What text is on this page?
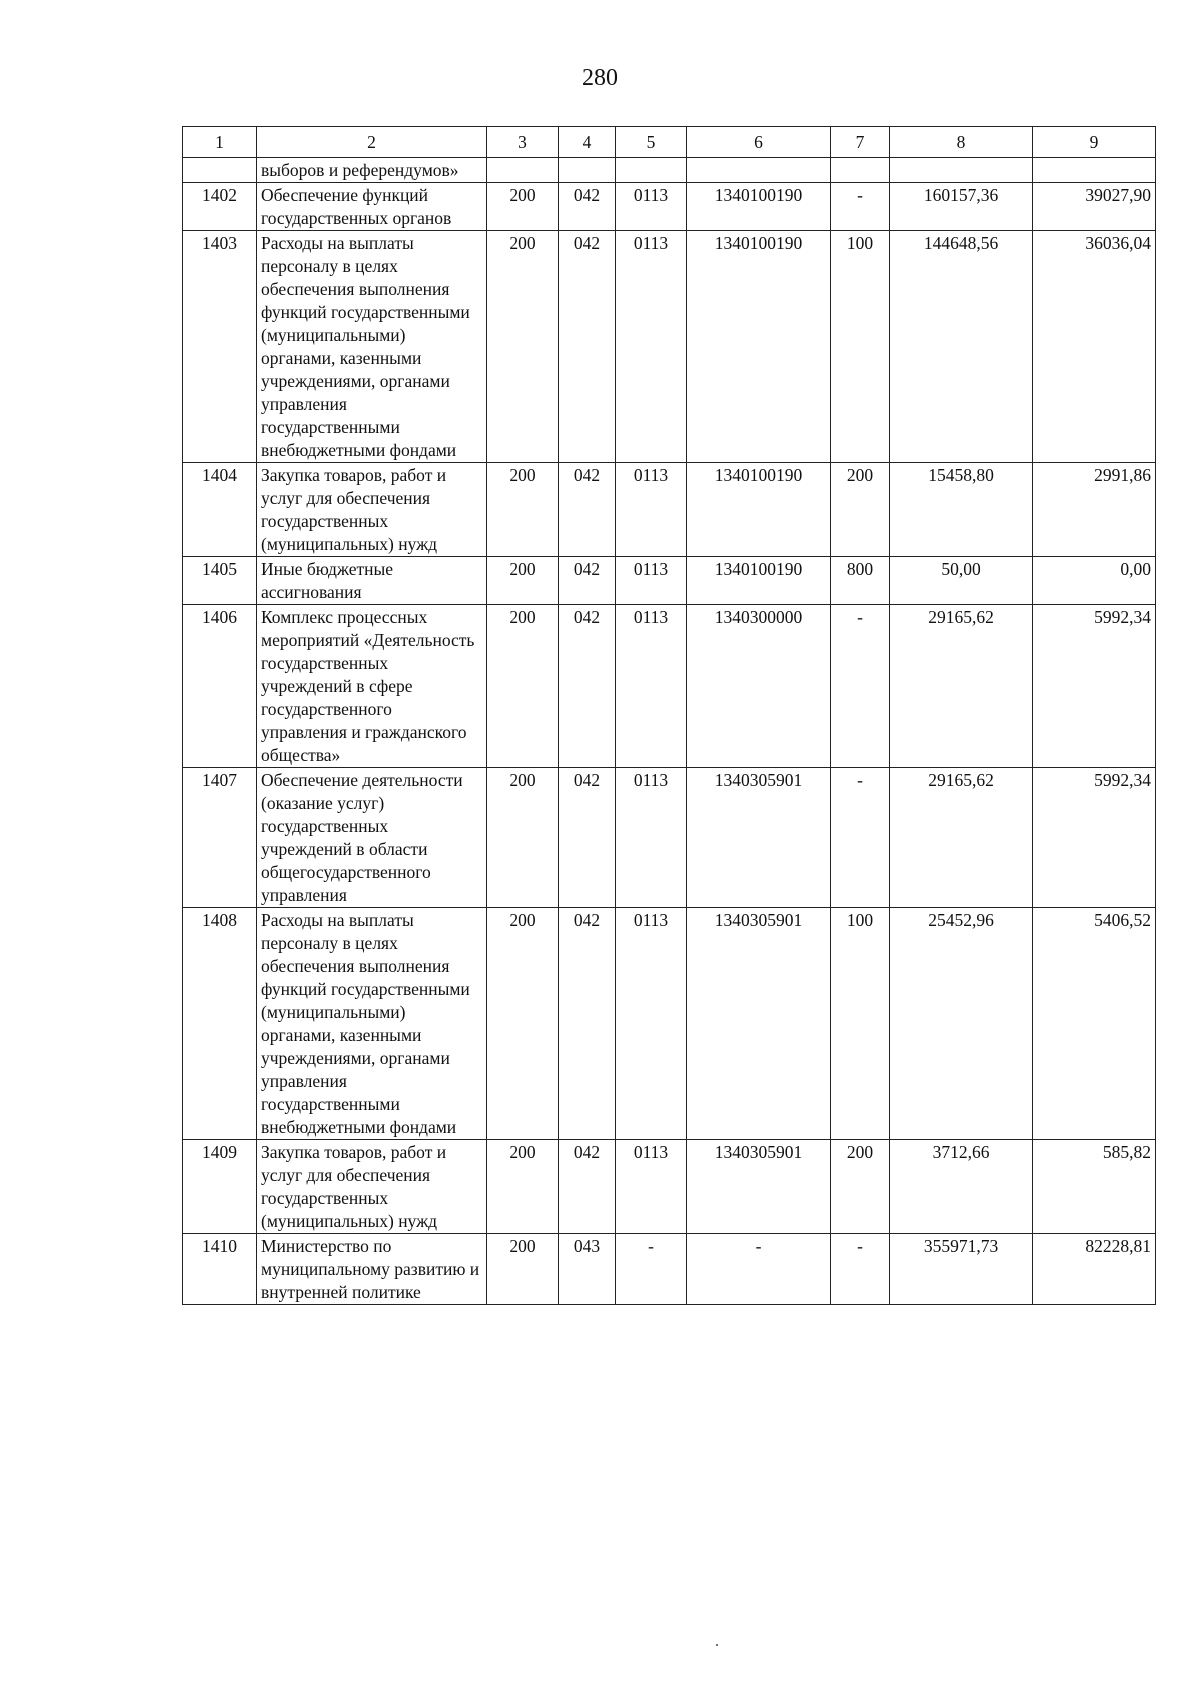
280
1	2	3	4	5	6	7	8	9
	выборов и референдумов»							
1402	Обеспечение функций государственных органов	200	042	0113	1340100190	-	160157,36	39027,90
1403	Расходы на выплаты персоналу в целях обеспечения выполнения функций государственными (муниципальными) органами, казенными учреждениями, органами управления государственными внебюджетными фондами	200	042	0113	1340100190	100	144648,56	36036,04
1404	Закупка товаров, работ и услуг для обеспечения государственных (муниципальных) нужд	200	042	0113	1340100190	200	15458,80	2991,86
1405	Иные бюджетные ассигнования	200	042	0113	1340100190	800	50,00	0,00
1406	Комплекс процессных мероприятий «Деятельность государственных учреждений в сфере государственного управления и гражданского общества»	200	042	0113	1340300000	-	29165,62	5992,34
1407	Обеспечение деятельности (оказание услуг) государственных учреждений в области общегосударственного управления	200	042	0113	1340305901	-	29165,62	5992,34
1408	Расходы на выплаты персоналу в целях обеспечения выполнения функций государственными (муниципальными) органами, казенными учреждениями, органами управления государственными внебюджетными фондами	200	042	0113	1340305901	100	25452,96	5406,52
1409	Закупка товаров, работ и услуг для обеспечения государственных (муниципальных) нужд	200	042	0113	1340305901	200	3712,66	585,82
1410	Министерство по муниципальному развитию и внутренней политике	200	043	-	-	-	355971,73	82228,81
